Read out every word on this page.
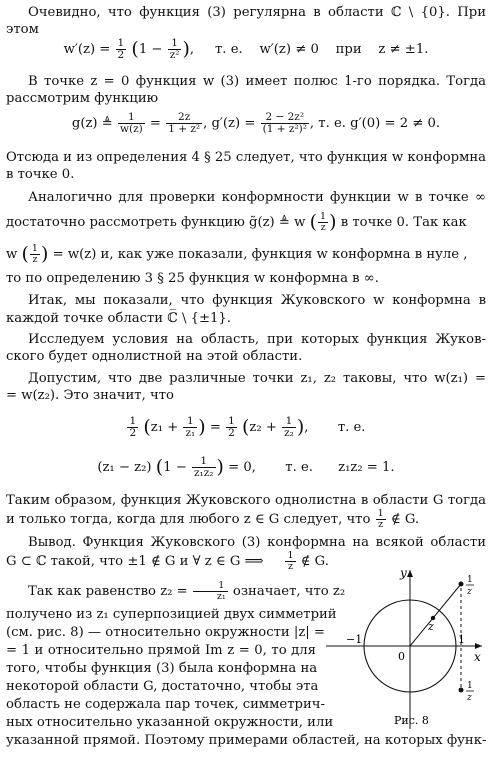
Очевидно, что функция (3) регулярна в области ℂ \ {0}. При
этом
$w'(z) = \frac{1}{2} (1 - \frac{1}{\text{z²}}$ ),     т. е. w′(z) ≠ 0 при z ≠ ±1.
В точке z = 0 функция w (3) имеет полюс 1-го порядка. Тогда
рассмотрим функцию
g(z) ≜ $\frac{1}{w(z)} = \frac{2z}{\text{1 + z²}}$ , $g'(z) = \frac{\text{2 − 2z²}}{\text{(1 + z²)²}}$ , т. е. g′(0) = 2 ≠ 0.
Отсюда и из определения 4 § 25 следует, что функция w конформна
в точке 0.
Аналогично для проверки конформности функции w в точке ∞
достаточно рассмотреть функцию g̃(z) ≜ w ( $\frac{1}{z}$ ) в точке 0. Так как
w ( $\frac{1}{z}$ ) = w(z) и, как уже показали, функция w конформна в нуле ,
то по определению 3 § 25 функция w конформна в ∞.
Итак, мы показали, что функция Жуковского w конформна в
каждой точке области ℂ̅ \ {±1}.
Исследуем условия на область, при которых функция Жуков-
ского будет однолистной на этой области.
Допустим, что две различные точки z₁, z₂ таковы, что w(z₁) =
= w(z₂). Это значит, что
$\frac{1}{2} (z_1 + \frac{1}{\text{z₁}}$ ) = $\frac{1}{2} (z_2 + \frac{1}{\text{z₂}}$ ),       т. е.
(z₁ − z₂) ($1 - \frac{1}{\text{z₁z₂}}$ ) = 0, т. е. z₁z₂ = 1.
Таким образом, функция Жуковского однолистна в области G тогда
и только тогда, когда для любого z ∈ G следует, что $\frac{1}{z}$ ∉ G.
Вывод. Функция Жуковского (3) конформна на всякой области
G ⊂ ℂ такой, что ±1 ∉ G и ∀ z ∈ G ⟹ $\frac{1}{z}$ ∉ G.
Так как равенство $z_2 = \frac{1}{\text{z₁}}$ означает, что z₂
получено из z₁ суперпозицией двух симметрий
(см. рис. 8) — относительно окружности |z| =
= 1 и относительно прямой Im z = 0, то для
того, чтобы функция (3) была конформна на
некоторой области G, достаточно, чтобы эта
область не содержала пар точек, симметрич-
ных относительно указанной окружности, или
указанной прямой. Поэтому примерами областей, на которых функ-
y
x
0
−1	1
z
1
z
1
z
Рис. 8
